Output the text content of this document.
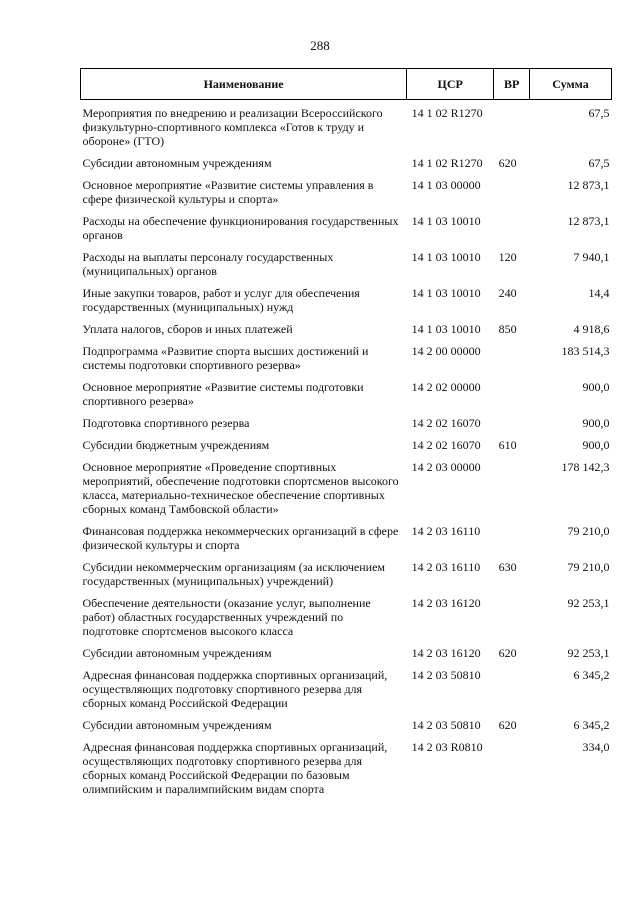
288
Наименование	ЦСР	ВР	Сумма
Мероприятия по внедрению и реализации Всероссийского физкультурно-спортивного комплекса «Готов к труду и обороне» (ГТО)	14 1 02 R1270		67,5
Субсидии автономным учреждениям	14 1 02 R1270	620	67,5
Основное мероприятие «Развитие системы управления в сфере физической культуры и спорта»	14 1 03 00000		12 873,1
Расходы на обеспечение функционирования государственных органов	14 1 03 10010		12 873,1
Расходы на выплаты персоналу государственных (муниципальных) органов	14 1 03 10010	120	7 940,1
Иные закупки товаров, работ и услуг для обеспечения государственных (муниципальных) нужд	14 1 03 10010	240	14,4
Уплата налогов, сборов и иных платежей	14 1 03 10010	850	4 918,6
Подпрограмма «Развитие спорта высших достижений и системы подготовки спортивного резерва»	14 2 00 00000		183 514,3
Основное мероприятие «Развитие системы подготовки спортивного резерва»	14 2 02 00000		900,0
Подготовка спортивного резерва	14 2 02 16070		900,0
Субсидии бюджетным учреждениям	14 2 02 16070	610	900,0
Основное мероприятие «Проведение спортивных мероприятий, обеспечение подготовки спортсменов высокого класса, материально-техническое обеспечение спортивных сборных команд Тамбовской области»	14 2 03 00000		178 142,3
Финансовая поддержка некоммерческих организаций в сфере физической культуры и спорта	14 2 03 16110		79 210,0
Субсидии некоммерческим организациям (за исключением государственных (муниципальных) учреждений)	14 2 03 16110	630	79 210,0
Обеспечение деятельности (оказание услуг, выполнение работ) областных государственных учреждений по подготовке спортсменов высокого класса	14 2 03 16120		92 253,1
Субсидии автономным учреждениям	14 2 03 16120	620	92 253,1
Адресная финансовая поддержка спортивных организаций, осуществляющих подготовку спортивного резерва для сборных команд Российской Федерации	14 2 03 50810		6 345,2
Субсидии автономным учреждениям	14 2 03 50810	620	6 345,2
Адресная финансовая поддержка спортивных организаций, осуществляющих подготовку спортивного резерва для сборных команд Российской Федерации по базовым олимпийским и паралимпийским видам спорта	14 2 03 R0810		334,0
